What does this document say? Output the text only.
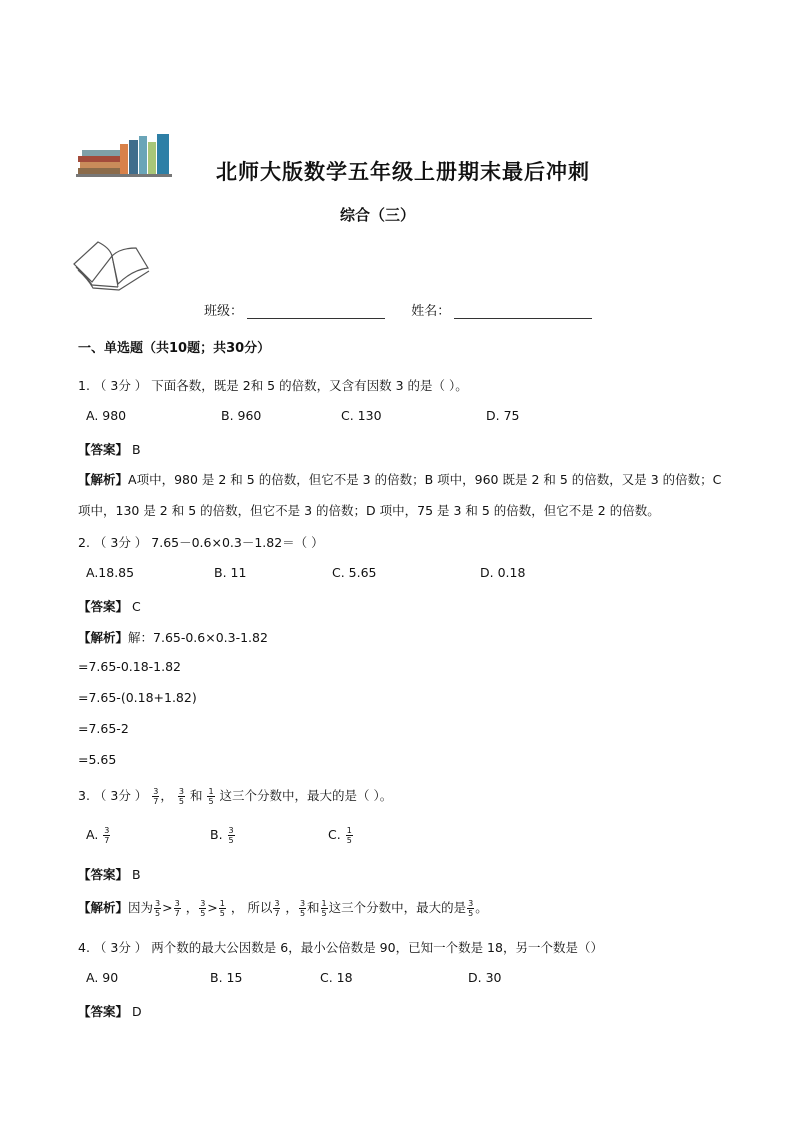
北师大版数学五年级上册期末最后冲刺
综合（三）
班级：	姓名：
一、单选题（共10题；共30分）
1. （ 3分 ） 下面各数，既是 2和 5 的倍数，又含有因数 3 的是（ ）。
A. 980	B. 960	C. 130	D. 75
【答案】 B
【解析】A项中，980 是 2 和 5 的倍数，但它不是 3 的倍数；B 项中，960 既是 2 和 5 的倍数，又是 3 的倍数；C 项中，130 是 2 和 5 的倍数，但它不是 3 的倍数；D 项中，75 是 3 和 5 的倍数，但它不是 2 的倍数。
2. （ 3分 ） 7.65－0.6×0.3－1.82＝（ ）
A.18.85	B. 11	C. 5.65	D. 0.18
【答案】 C
【解析】解：7.65-0.6×0.3-1.82
=7.65-0.18-1.82
=7.65-(0.18+1.82)
=7.65-2
=5.65
3. （ 3分 ） $\frac{3}{7}$ ， $\frac{3}{5}$ 和 $\frac{1}{5}$ 这三个分数中，最大的是（ ）。
A. $\frac{3}{7}$	B. $\frac{3}{5}$	C. $\frac{1}{5}$
【答案】 B
【解析】因为 $\frac{3}{5} > \frac{3}{7}$ ， $\frac{3}{5} > \frac{1}{5}$ ， 所以 $\frac{3}{7}$ ， $\frac{3}{5}$ 和 $\frac{1}{5}$ 这三个分数中，最大的是 $\frac{3}{5}$ 。
4. （ 3分 ） 两个数的最大公因数是 6，最小公倍数是 90，已知一个数是 18，另一个数是（）
A. 90	B. 15	C. 18	D. 30
【答案】 D
